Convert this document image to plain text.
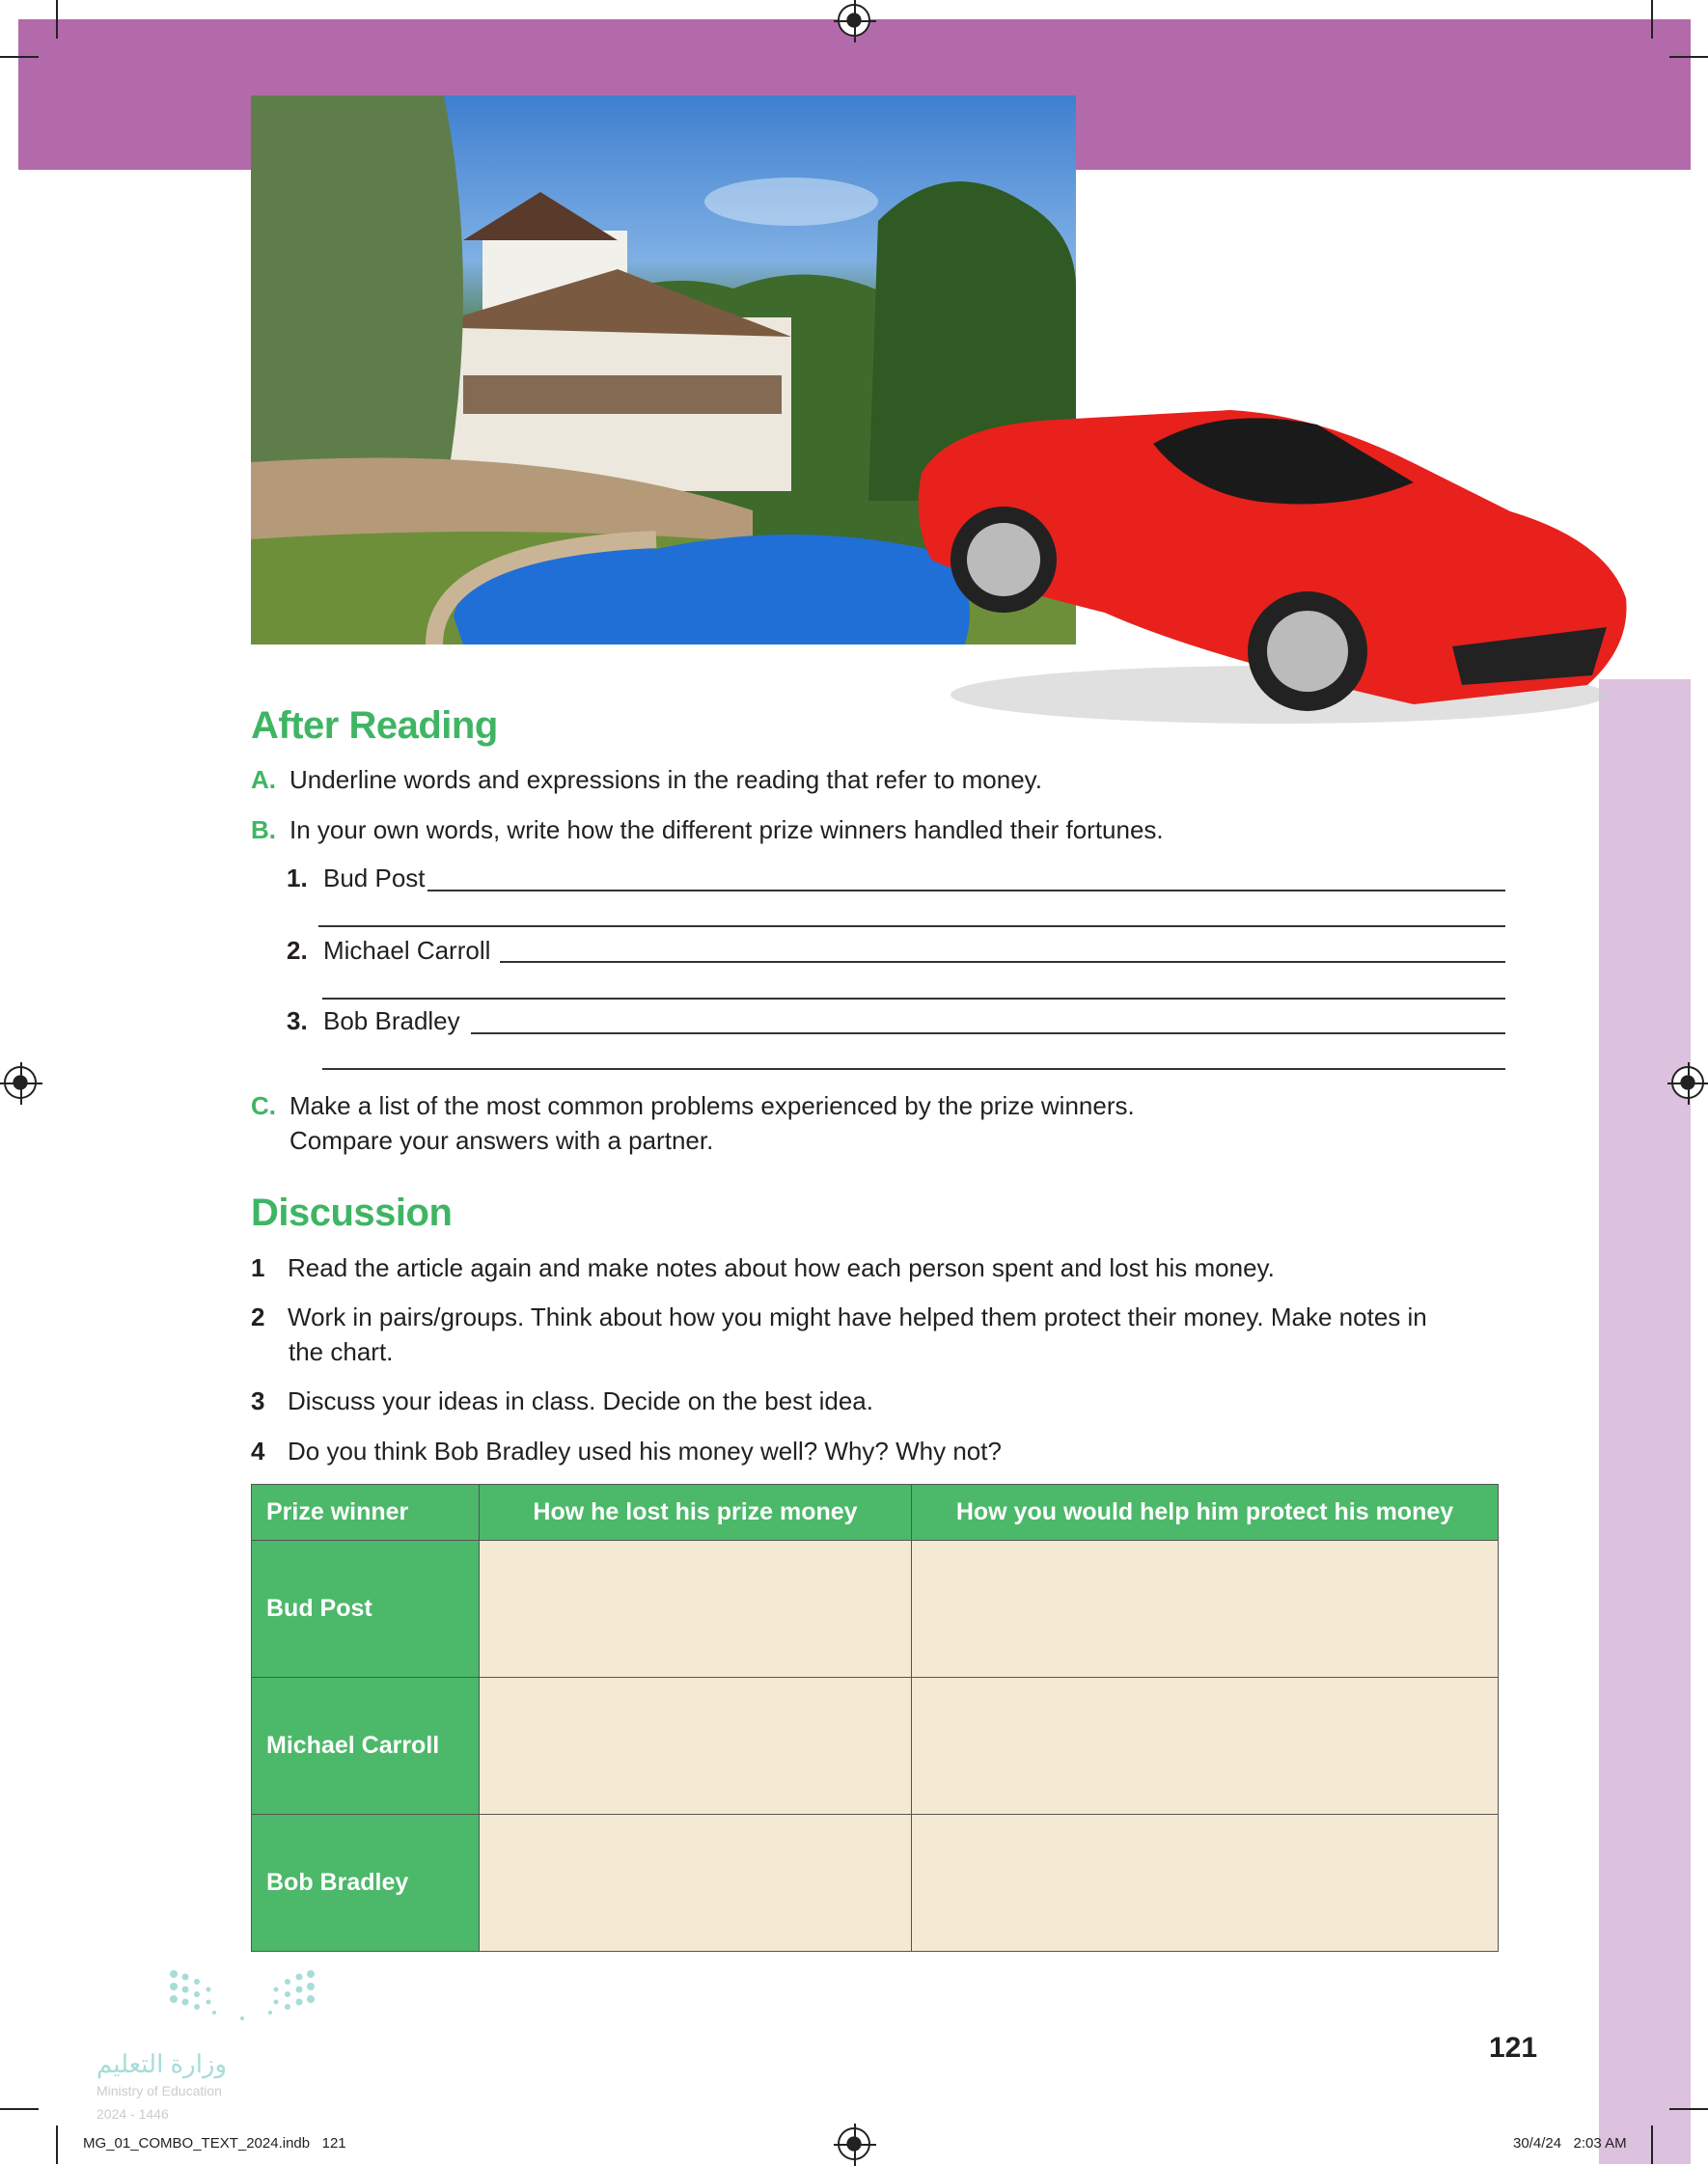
After Reading
A. Underline words and expressions in the reading that refer to money.
B. In your own words, write how the different prize winners handled their fortunes.
1. Bud Post
2. Michael Carroll
3. Bob Bradley
C. Make a list of the most common problems experienced by the prize winners.
Compare your answers with a partner.
Discussion
1 Read the article again and make notes about how each person spent and lost his money.
2 Work in pairs/groups. Think about how you might have helped them protect their money. Make notes in
the chart.
3 Discuss your ideas in class. Decide on the best idea.
4 Do you think Bob Bradley used his money well? Why? Why not?
Prize winner	How he lost his prize money	How you would help him protect his money
Bud Post		
Michael Carroll		
Bob Bradley		
وزارة التعليم
Ministry of Education
2024 - 1446
121
MG_01_COMBO_TEXT_2024.indb   121	30/4/24   2:03 AM
